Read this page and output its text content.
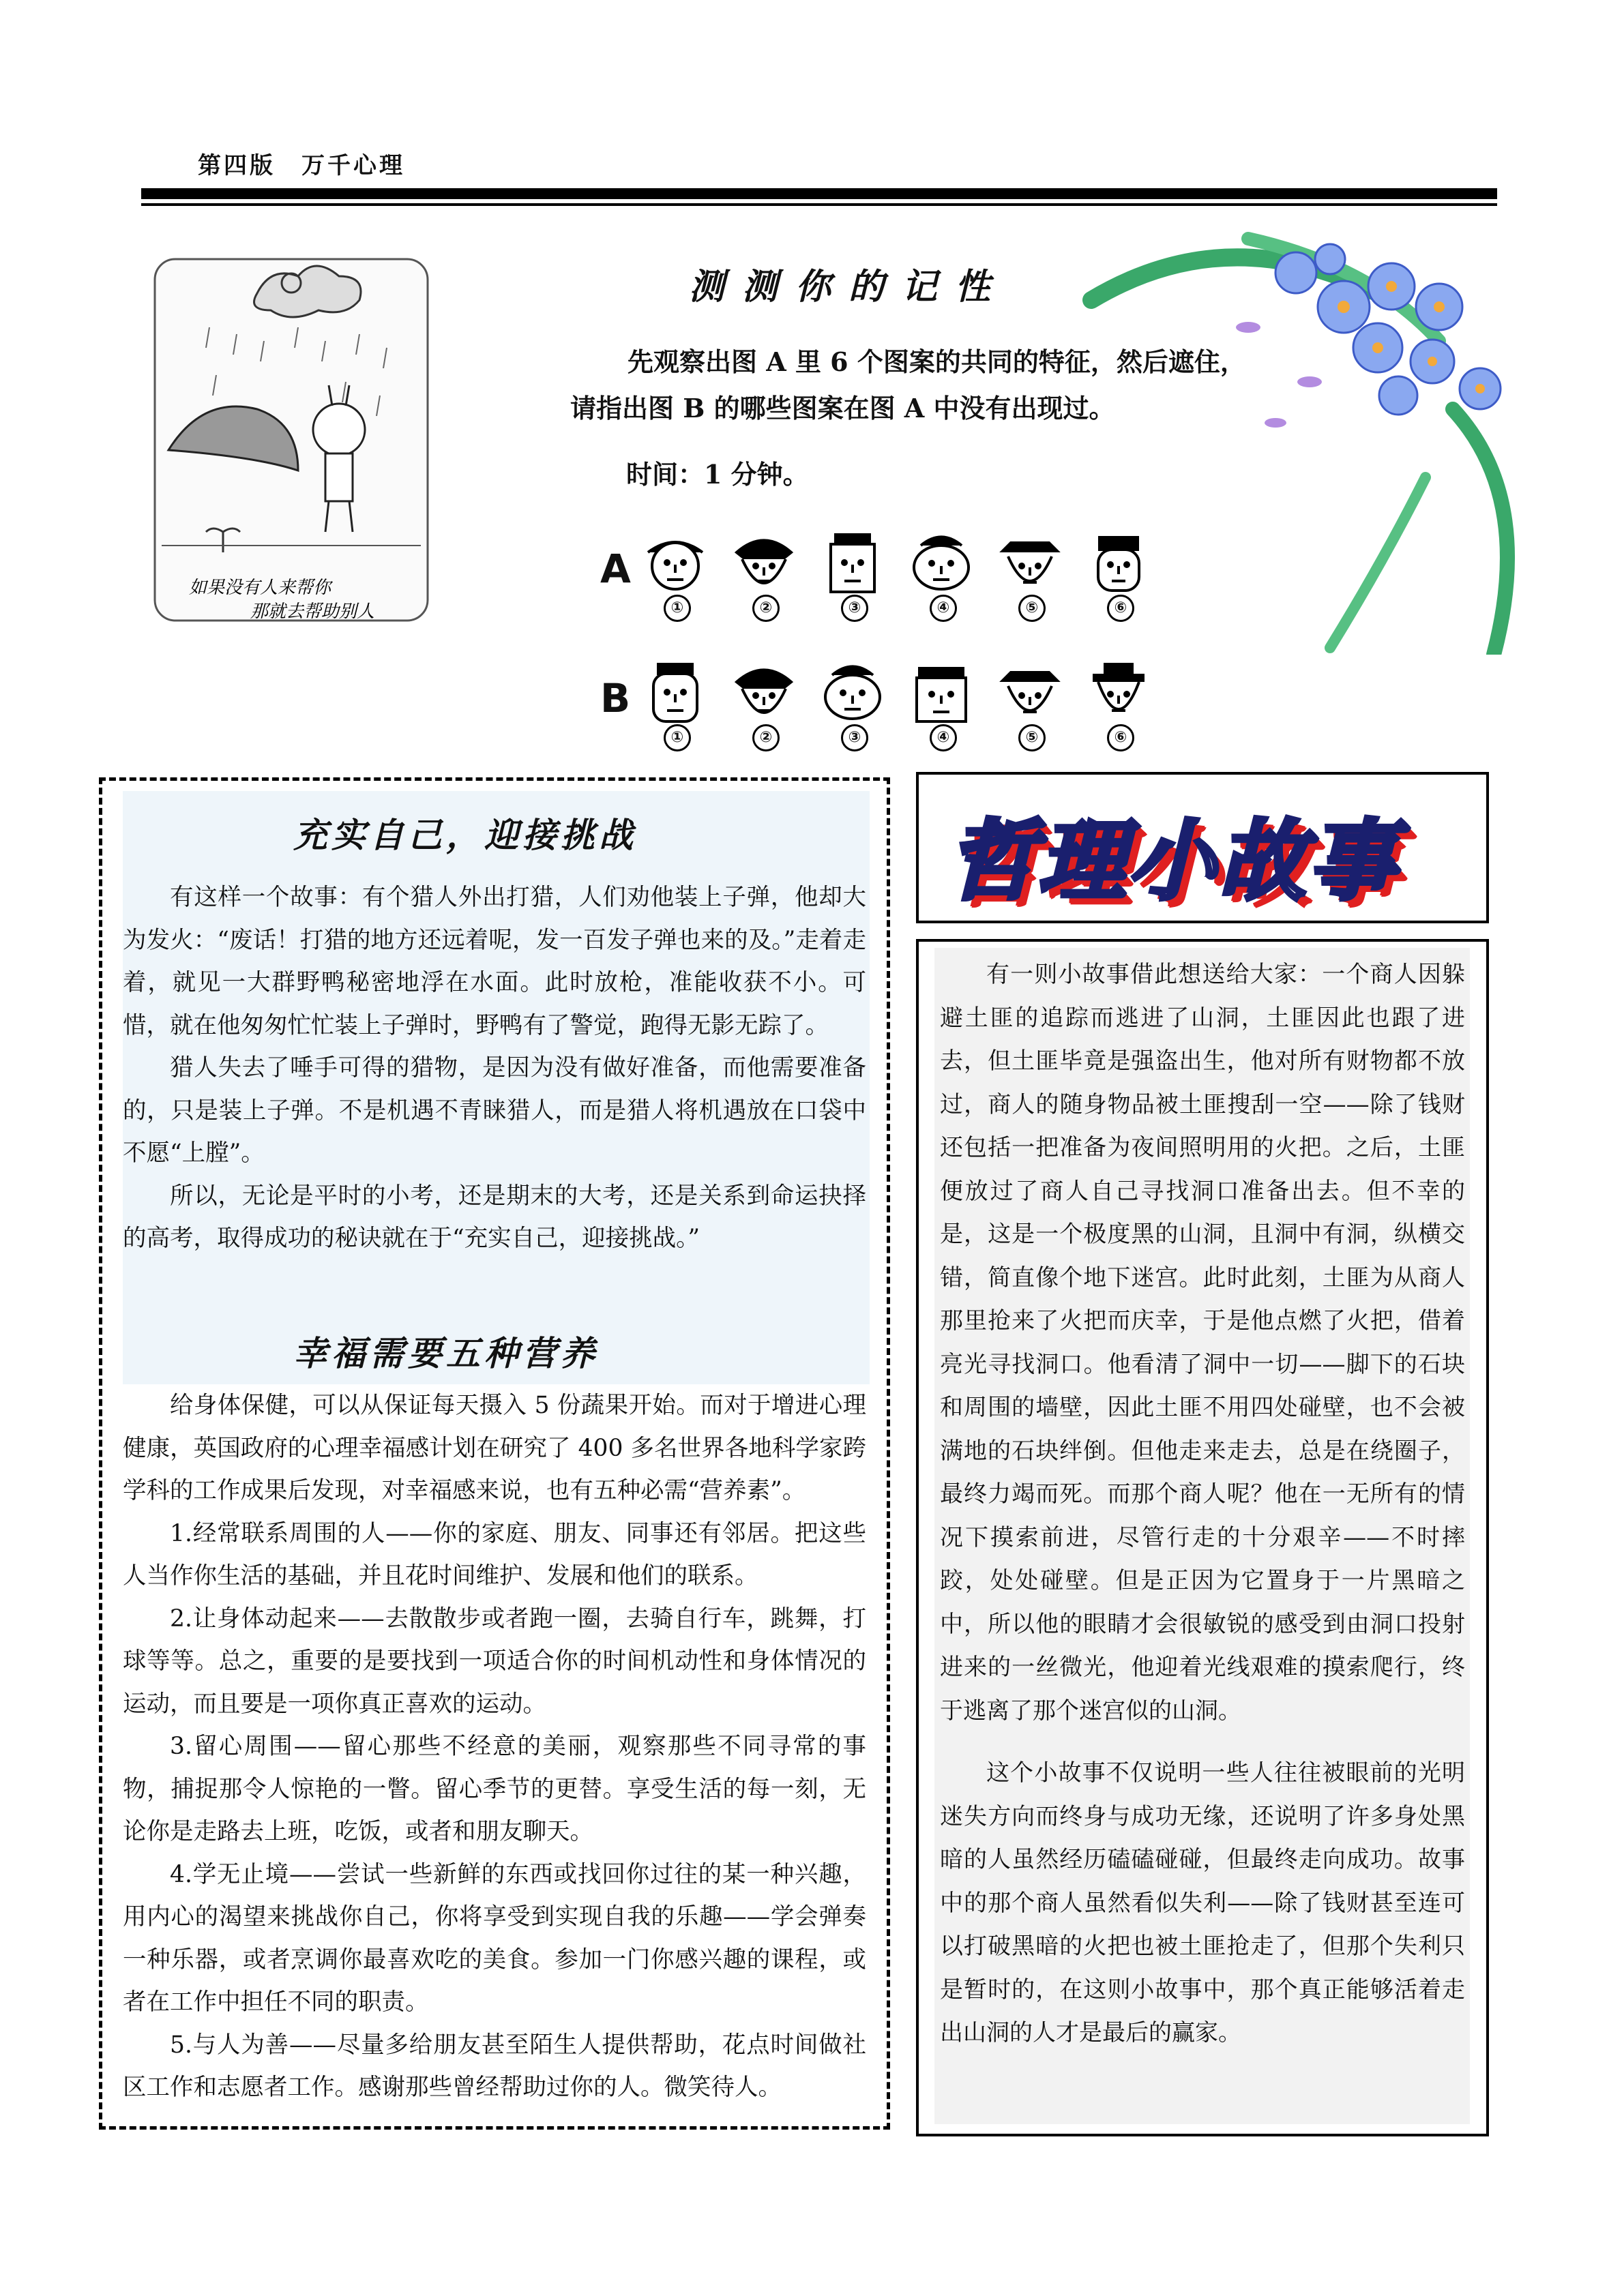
第四版　万千心理
如果没有人来帮你
那就去帮助别人
测测你的记性
先观察出图 A 里 6 个图案的共同的特征，然后遮住，
请指出图 B 的哪些图案在图 A 中没有出现过。
时间：1 分钟。
A
B
①	②	③	④	⑤	⑥
①	②	③	④	⑤	⑥
充实自己，迎接挑战

有这样一个故事：有个猎人外出打猎，人们劝他装上子弹，他却大为发火：“废话！打猎的地方还远着呢，发一百发子弹也来的及。”走着走着，就见一大群野鸭秘密地浮在水面。此时放枪，准能收获不小。可惜，就在他匆匆忙忙装上子弹时，野鸭有了警觉，跑得无影无踪了。

猎人失去了唾手可得的猎物，是因为没有做好准备，而他需要准备的，只是装上子弹。不是机遇不青睐猎人，而是猎人将机遇放在口袋中不愿“上膛”。

所以，无论是平时的小考，还是期末的大考，还是关系到命运抉择的高考，取得成功的秘诀就在于“充实自己，迎接挑战。”

幸福需要五种营养

给身体保健，可以从保证每天摄入 5 份蔬果开始。而对于增进心理健康，英国政府的心理幸福感计划在研究了 400 多名世界各地科学家跨学科的工作成果后发现，对幸福感来说，也有五种必需“营养素”。

1.经常联系周围的人——你的家庭、朋友、同事还有邻居。把这些人当作你生活的基础，并且花时间维护、发展和他们的联系。

2.让身体动起来——去散散步或者跑一圈，去骑自行车，跳舞，打球等等。总之，重要的是要找到一项适合你的时间机动性和身体情况的运动，而且要是一项你真正喜欢的运动。

3.留心周围——留心那些不经意的美丽，观察那些不同寻常的事物，捕捉那令人惊艳的一瞥。留心季节的更替。享受生活的每一刻，无论你是走路去上班，吃饭，或者和朋友聊天。

4.学无止境——尝试一些新鲜的东西或找回你过往的某一种兴趣，用内心的渴望来挑战你自己，你将享受到实现自我的乐趣——学会弹奏一种乐器，或者烹调你最喜欢吃的美食。参加一门你感兴趣的课程，或者在工作中担任不同的职责。

5.与人为善——尽量多给朋友甚至陌生人提供帮助，花点时间做社区工作和志愿者工作。感谢那些曾经帮助过你的人。微笑待人。

哲理小故事

有一则小故事借此想送给大家：一个商人因躲避土匪的追踪而逃进了山洞，土匪因此也跟了进去，但土匪毕竟是强盗出生，他对所有财物都不放过，商人的随身物品被土匪搜刮一空——除了钱财还包括一把准备为夜间照明用的火把。之后，土匪便放过了商人自己寻找洞口准备出去。但不幸的是，这是一个极度黑的山洞，且洞中有洞，纵横交错，简直像个地下迷宫。此时此刻，土匪为从商人那里抢来了火把而庆幸，于是他点燃了火把，借着亮光寻找洞口。他看清了洞中一切——脚下的石块和周围的墙壁，因此土匪不用四处碰壁，也不会被满地的石块绊倒。但他走来走去，总是在绕圈子，最终力竭而死。而那个商人呢？他在一无所有的情况下摸索前进，尽管行走的十分艰辛——不时摔跤，处处碰壁。但是正因为它置身于一片黑暗之中，所以他的眼睛才会很敏锐的感受到由洞口投射进来的一丝微光，他迎着光线艰难的摸索爬行，终于逃离了那个迷宫似的山洞。

这个小故事不仅说明一些人往往被眼前的光明迷失方向而终身与成功无缘，还说明了许多身处黑暗的人虽然经历磕磕碰碰，但最终走向成功。故事中的那个商人虽然看似失利——除了钱财甚至连可以打破黑暗的火把也被土匪抢走了，但那个失利只是暂时的，在这则小故事中，那个真正能够活着走出山洞的人才是最后的赢家。
